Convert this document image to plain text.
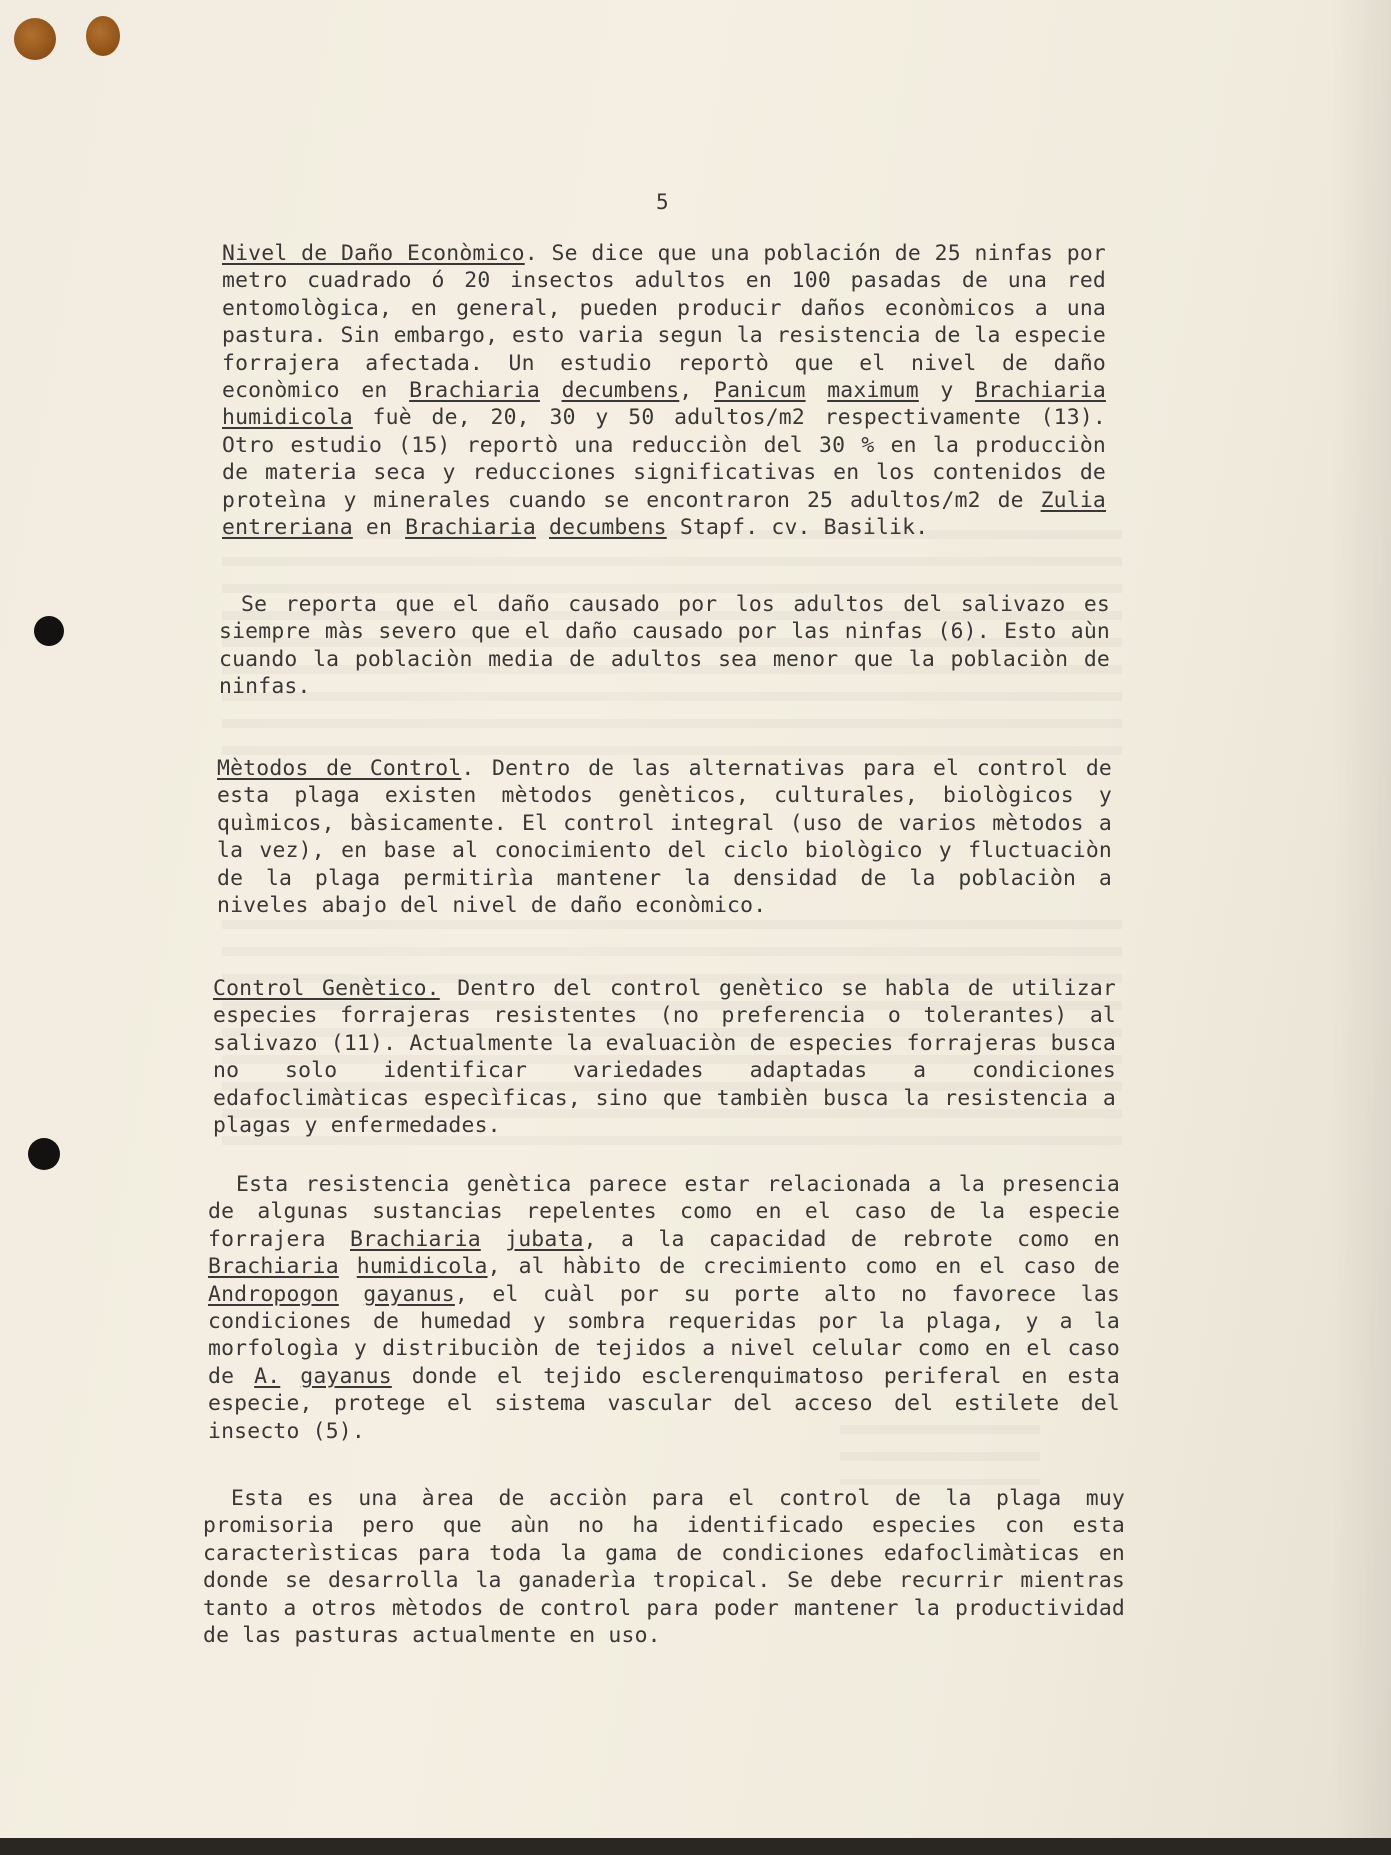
5

Nivel de Daño Econòmico. Se dice que una población de 25 ninfas por metro cuadrado ó 20 insectos adultos en 100 pasadas de una red entomològica, en general, pueden producir daños econòmicos a una pastura. Sin embargo, esto varia segun la resistencia de la especie forrajera afectada. Un estudio reportò que el nivel de daño econòmico en Brachiaria decumbens, Panicum maximum y Brachiaria humidicola fuè de, 20, 30 y 50 adultos/m2 respectivamente (13). Otro estudio (15) reportò una reducciòn del 30 % en la producciòn de materia seca y reducciones significativas en los contenidos de proteìna y minerales cuando se encontraron 25 adultos/m2 de Zulia entreriana en Brachiaria decumbens Stapf. cv. Basilik.

Se reporta que el daño causado por los adultos del salivazo es siempre màs severo que el daño causado por las ninfas (6). Esto aùn cuando la poblaciòn media de adultos sea menor que la poblaciòn de ninfas.

Mètodos de Control. Dentro de las alternativas para el control de esta plaga existen mètodos genèticos, culturales, biològicos y quìmicos, bàsicamente. El control integral (uso de varios mètodos a la vez), en base al conocimiento del ciclo biològico y fluctuaciòn de la plaga permitirìa mantener la densidad de la poblaciòn a niveles abajo del nivel de daño econòmico.

Control Genètico. Dentro del control genètico se habla de utilizar especies forrajeras resistentes (no preferencia o tolerantes) al salivazo (11). Actualmente la evaluaciòn de especies forrajeras busca no solo identificar variedades adaptadas a condiciones edafoclimàticas especìficas, sino que tambièn busca la resistencia a plagas y enfermedades.

Esta resistencia genètica parece estar relacionada a la presencia de algunas sustancias repelentes como en el caso de la especie forrajera Brachiaria jubata, a la capacidad de rebrote como en Brachiaria humidicola, al hàbito de crecimiento como en el caso de Andropogon gayanus, el cuàl por su porte alto no favorece las condiciones de humedad y sombra requeridas por la plaga, y a la morfologìa y distribuciòn de tejidos a nivel celular como en el caso de A. gayanus donde el tejido esclerenquimatoso periferal en esta especie, protege el sistema vascular del acceso del estilete del insecto (5).

Esta es una àrea de acciòn para el control de la plaga muy promisoria pero que aùn no ha identificado especies con esta caracterìsticas para toda la gama de condiciones edafoclimàticas en donde se desarrolla la ganaderìa tropical. Se debe recurrir mientras tanto a otros mètodos de control para poder mantener la productividad de las pasturas actualmente en uso.
